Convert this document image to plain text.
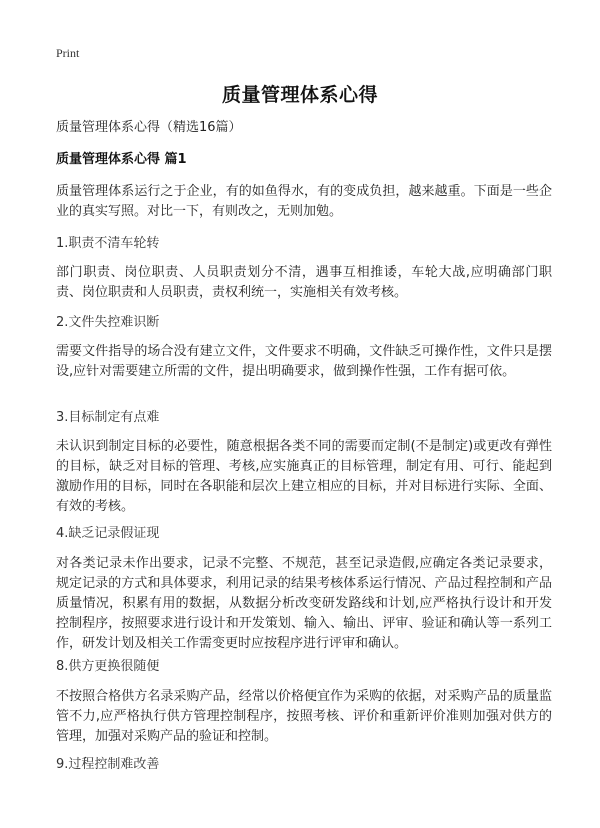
Print
质量管理体系心得
质量管理体系心得（精选16篇）
质量管理体系心得 篇1
质量管理体系运行之于企业，有的如鱼得水，有的变成负担，越来越重。下面是一些企业的真实写照。对比一下，有则改之，无则加勉。
1.职责不清车轮转
部门职责、岗位职责、人员职责划分不清，遇事互相推诿，车轮大战,应明确部门职责、岗位职责和人员职责，责权利统一，实施相关有效考核。
2.文件失控难识断
需要文件指导的场合没有建立文件，文件要求不明确，文件缺乏可操作性，文件只是摆设,应针对需要建立所需的文件，提出明确要求，做到操作性强，工作有据可依。
3.目标制定有点难
未认识到制定目标的必要性，随意根据各类不同的需要而定制(不是制定)或更改有弹性的目标，缺乏对目标的管理、考核,应实施真正的目标管理，制定有用、可行、能起到激励作用的目标，同时在各职能和层次上建立相应的目标，并对目标进行实际、全面、有效的考核。
4.缺乏记录假证现
对各类记录未作出要求，记录不完整、不规范，甚至记录造假,应确定各类记录要求，规定记录的方式和具体要求，利用记录的结果考核体系运行情况、产品过程控制和产品质量情况，积累有用的数据，从数据分析改变研发路线和计划,应严格执行设计和开发控制程序，按照要求进行设计和开发策划、输入、输出、评审、验证和确认等一系列工作，研发计划及相关工作需变更时应按程序进行评审和确认。
8.供方更换很随便
不按照合格供方名录采购产品，经常以价格便宜作为采购的依据，对采购产品的质量监管不力,应严格执行供方管理控制程序，按照考核、评价和重新评价准则加强对供方的管理，加强对采购产品的验证和控制。
9.过程控制难改善
